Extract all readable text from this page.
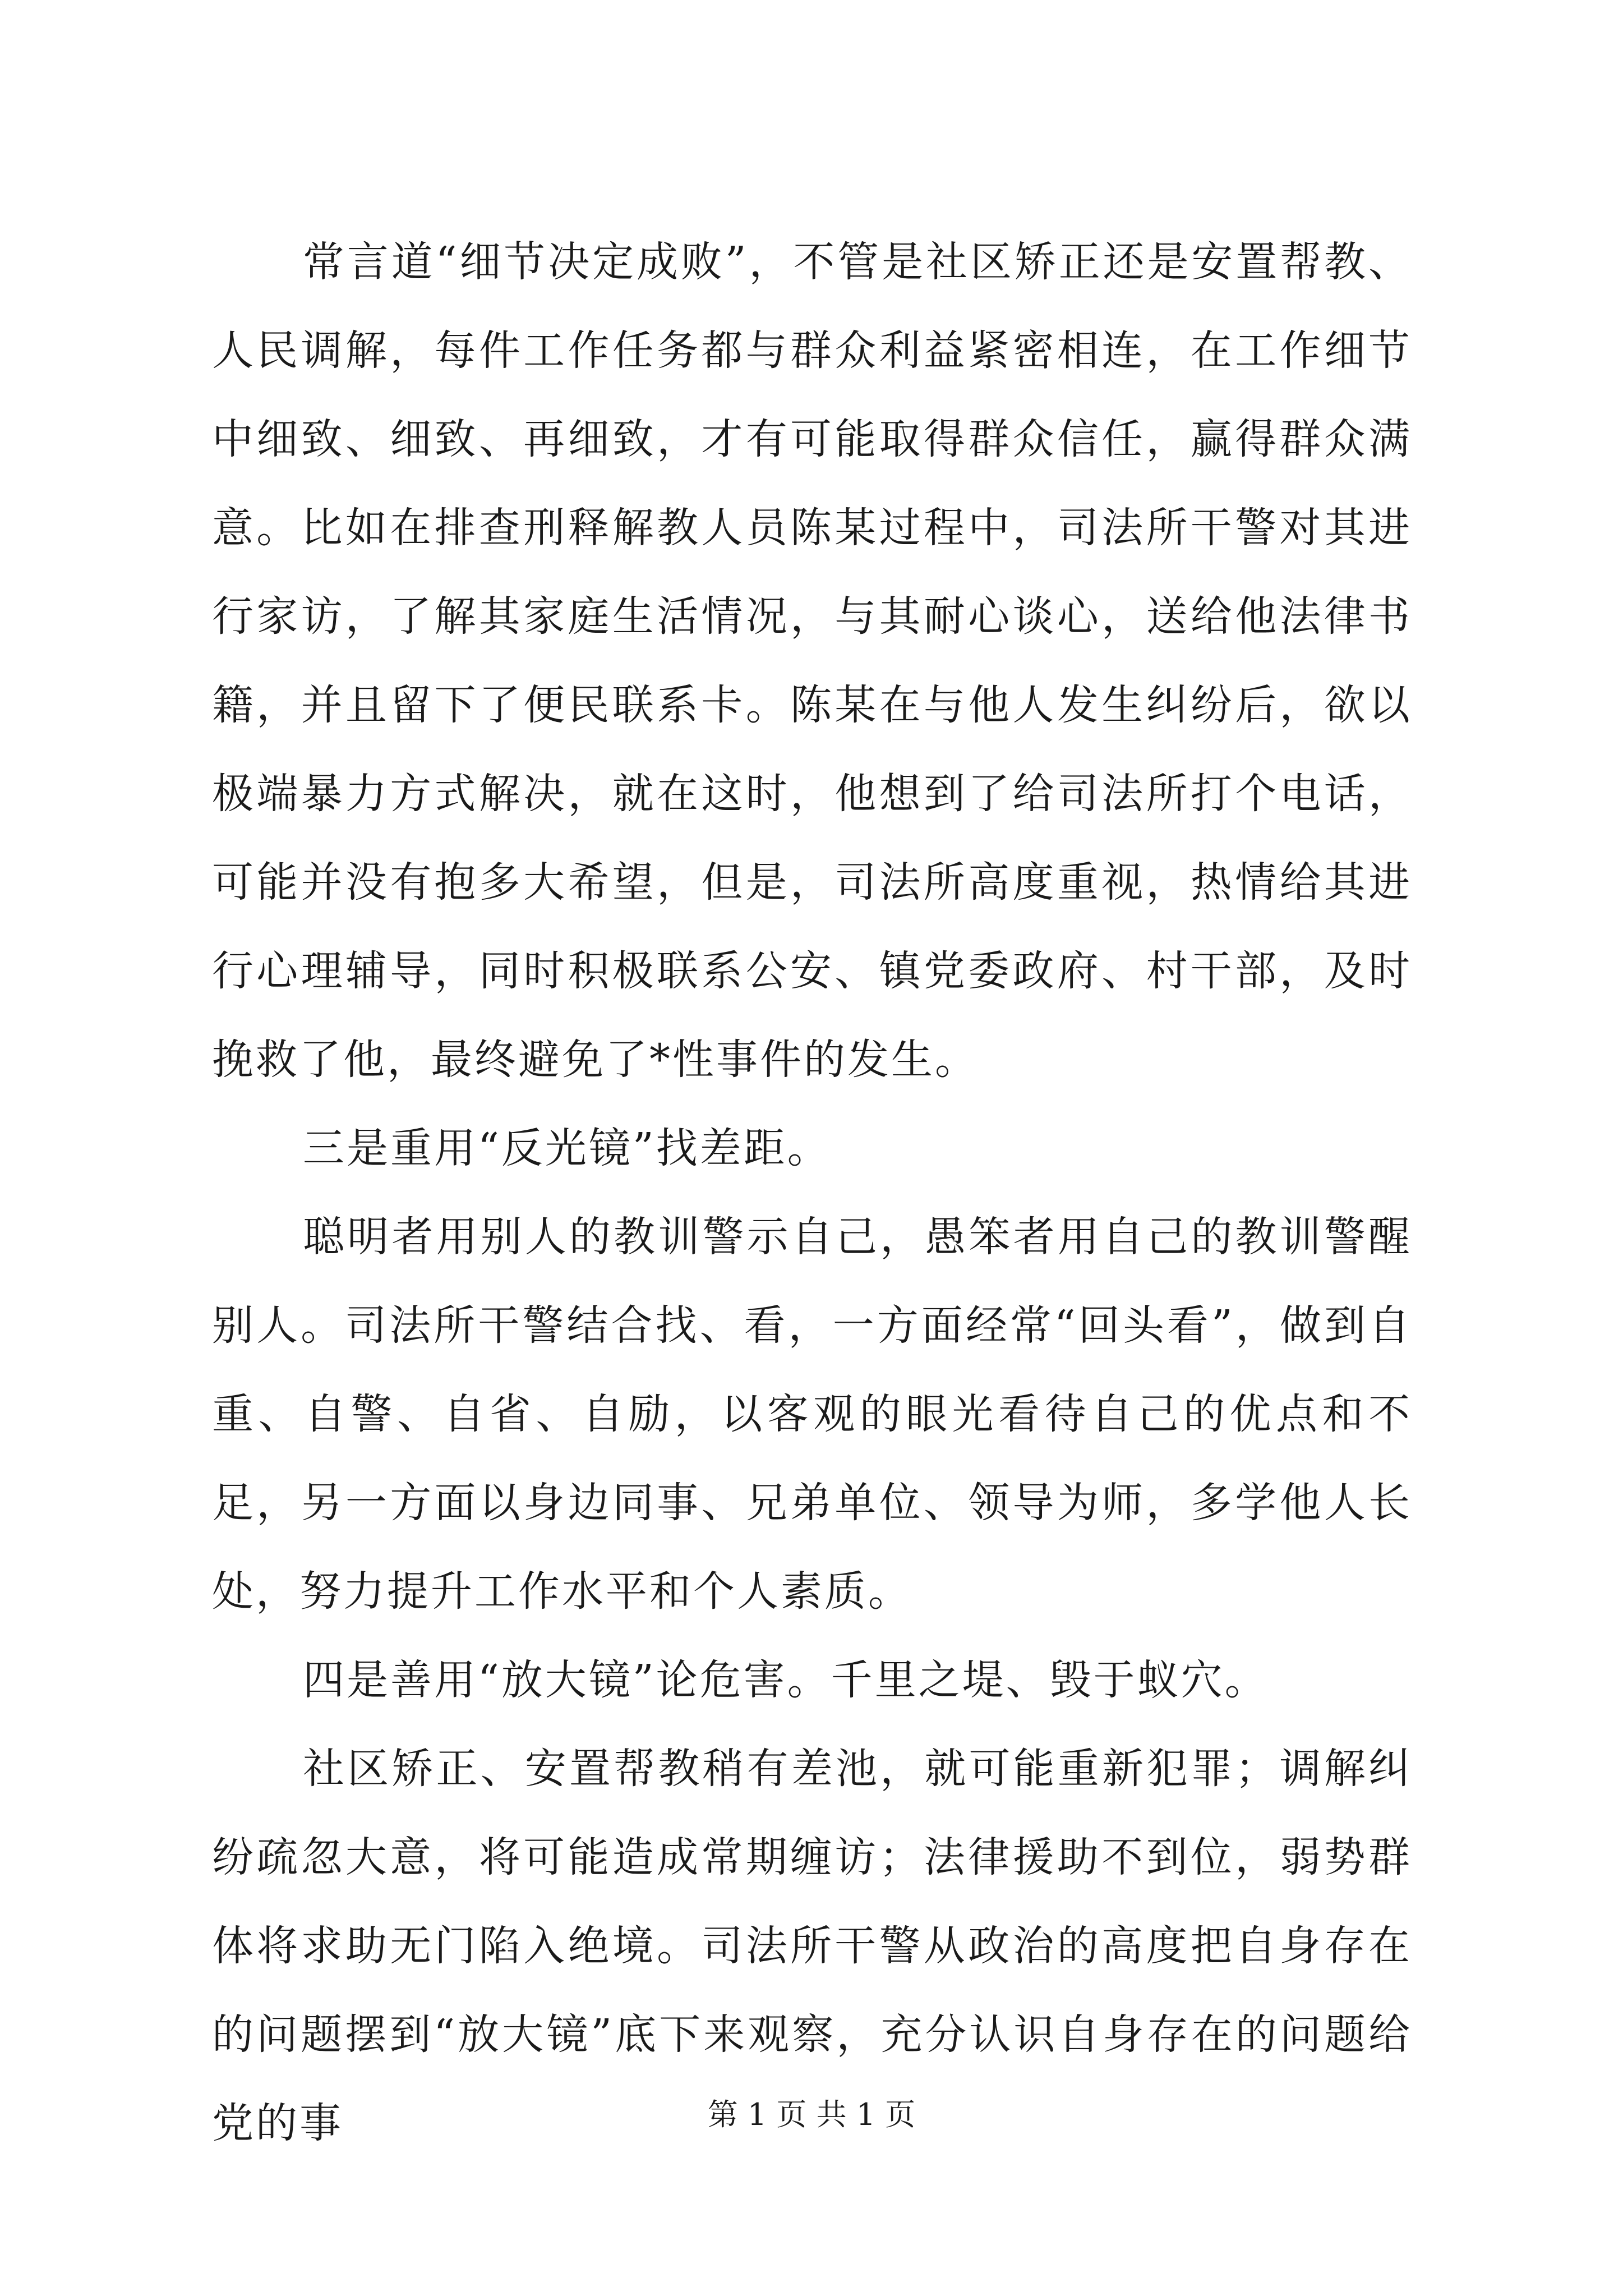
常言道“细节决定成败”，不管是社区矫正还是安置帮教、人民调解，每件工作任务都与群众利益紧密相连，在工作细节中细致、细致、再细致，才有可能取得群众信任，赢得群众满意。比如在排查刑释解教人员陈某过程中，司法所干警对其进行家访，了解其家庭生活情况，与其耐心谈心，送给他法律书籍，并且留下了便民联系卡。陈某在与他人发生纠纷后，欲以极端暴力方式解决，就在这时，他想到了给司法所打个电话，可能并没有抱多大希望，但是，司法所高度重视，热情给其进行心理辅导，同时积极联系公安、镇党委政府、村干部，及时挽救了他，最终避免了*性事件的发生。

三是重用“反光镜”找差距。

聪明者用别人的教训警示自己，愚笨者用自己的教训警醒别人。司法所干警结合找、看，一方面经常“回头看”，做到自重、自警、自省、自励，以客观的眼光看待自己的优点和不足，另一方面以身边同事、兄弟单位、领导为师，多学他人长处，努力提升工作水平和个人素质。

四是善用“放大镜”论危害。千里之堤、毁于蚁穴。

社区矫正、安置帮教稍有差池，就可能重新犯罪；调解纠纷疏忽大意，将可能造成常期缠访；法律援助不到位，弱势群体将求助无门陷入绝境。司法所干警从政治的高度把自身存在的问题摆到“放大镜”底下来观察，充分认识自身存在的问题给党的事	第 1 页 共 1 页
